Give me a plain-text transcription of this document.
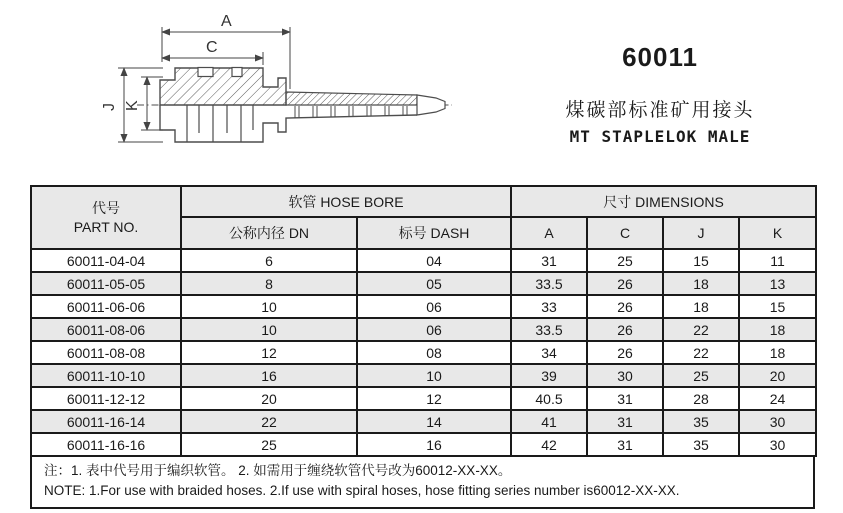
A
C
J K
60011
煤碳部标准矿用接头
MT STAPLELOK MALE
代号
PART NO.	软管 HOSE BORE		尺寸 DIMENSIONS			
	公称内径 DN	标号 DASH	A	C	J	K
60011-04-04	6	04	31	25	15	11
60011-05-05	8	05	33.5	26	18	13
60011-06-06	10	06	33	26	18	15
60011-08-06	10	06	33.5	26	22	18
60011-08-08	12	08	34	26	22	18
60011-10-10	16	10	39	30	25	20
60011-12-12	20	12	40.5	31	28	24
60011-16-14	22	14	41	31	35	30
60011-16-16	25	16	42	31	35	30
注：1. 表中代号用于编织软管。 2. 如需用于缠绕软管代号改为60012-XX-XX。
NOTE: 1.For use with braided hoses. 2.If use with spiral hoses, hose fitting series number is60012-XX-XX.
